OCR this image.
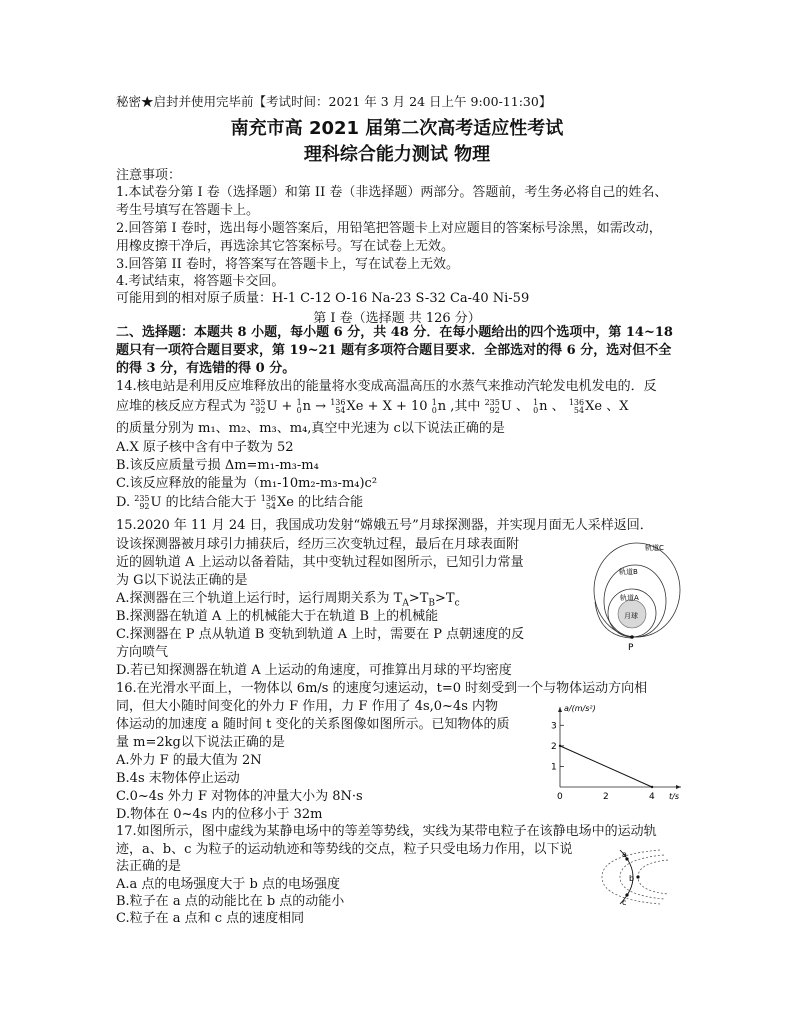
秘密★启封并使用完毕前【考试时间：2021 年 3 月 24 日上午 9:00-11:30】
南充市高 2021 届第二次高考适应性考试
理科综合能力测试 物理
注意事项：
1.本试卷分第 I 卷（选择题）和第 II 卷（非选择题）两部分。答题前，考生务必将自己的姓名、
考生号填写在答题卡上。
2.回答第 I 卷时，选出每小题答案后，用铅笔把答题卡上对应题目的答案标号涂黑，如需改动，
用橡皮擦干净后，再选涂其它答案标号。写在试卷上无效。
3.回答第 II 卷时，将答案写在答题卡上，写在试卷上无效。
4.考试结束，将答题卡交回。
可能用到的相对原子质量：H-1 C-12 O-16 Na-23 S-32 Ca-40 Ni-59
第 I 卷（选择题 共 126 分）
二、选择题：本题共 8 小题，每小题 6 分，共 48 分．在每小题给出的四个选项中，第 14~18
题只有一项符合题目要求，第 19~21 题有多项符合题目要求．全部选对的得 6 分，选对但不全
的得 3 分，有选错的得 0 分。
14.核电站是利用反应堆释放出的能量将水变成高温高压的水蒸气来推动汽轮发电机发电的．反
应堆的核反应方程式为 235
92 U + 1
0 n → 136
54 Xe + X + 10 1
0 n ,其中 235
92 U 、 1
0 n 、 136
54 Xe 、X
的质量分别为 m₁、m₂、m₃、m₄,真空中光速为 c以下说法正确的是
A.X 原子核中含有中子数为 52
B.该反应质量亏损 Δm=m₁-m₃-m₄
C.该反应释放的能量为（m₁-10m₂-m₃-m₄)c²
D. 235
92 U 的比结合能大于 136
54 Xe 的比结合能
15.2020 年 11 月 24 日，我国成功发射“嫦娥五号”月球探测器，并实现月面无人采样返回．
设该探测器被月球引力捕获后，经历三次变轨过程，最后在月球表面附
近的圆轨道 A 上运动以备着陆，其中变轨过程如图所示，已知引力常量
为 G以下说法正确的是
A.探测器在三个轨道上运行时，运行周期关系为 $T_A>T_B>T_c$
B.探测器在轨道 A 上的机械能大于在轨道 B 上的机械能
C.探测器在 P 点从轨道 B 变轨到轨道 A 上时，需要在 P 点朝速度的反
方向喷气
D.若已知探测器在轨道 A 上运动的角速度，可推算出月球的平均密度
轨道C
轨道B
轨道A
月球
P
16.在光滑水平面上，一物体以 6m/s 的速度匀速运动，t=0 时刻受到一个与物体运动方向相
同，但大小随时间变化的外力 F 作用，力 F 作用了 4s,0~4s 内物
体运动的加速度 a 随时间 t 变化的关系图像如图所示。已知物体的质
量 m=2kg以下说法正确的是
A.外力 F 的最大值为 2N
B.4s 末物体停止运动
C.0~4s 外力 F 对物体的冲量大小为 8N·s
D.物体在 0~4s 内的位移小于 32m
1
2
3
0	2	4
a/(m/s²)
t/s
17.如图所示，图中虚线为某静电场中的等差等势线，实线为某带电粒子在该静电场中的运动轨
迹，a、b、c 为粒子的运动轨迹和等势线的交点，粒子只受电场力作用，以下说
法正确的是
A.a 点的电场强度大于 b 点的电场强度
B.粒子在 a 点的动能比在 b 点的动能小
C.粒子在 a 点和 c 点的速度相同
a
b
c
